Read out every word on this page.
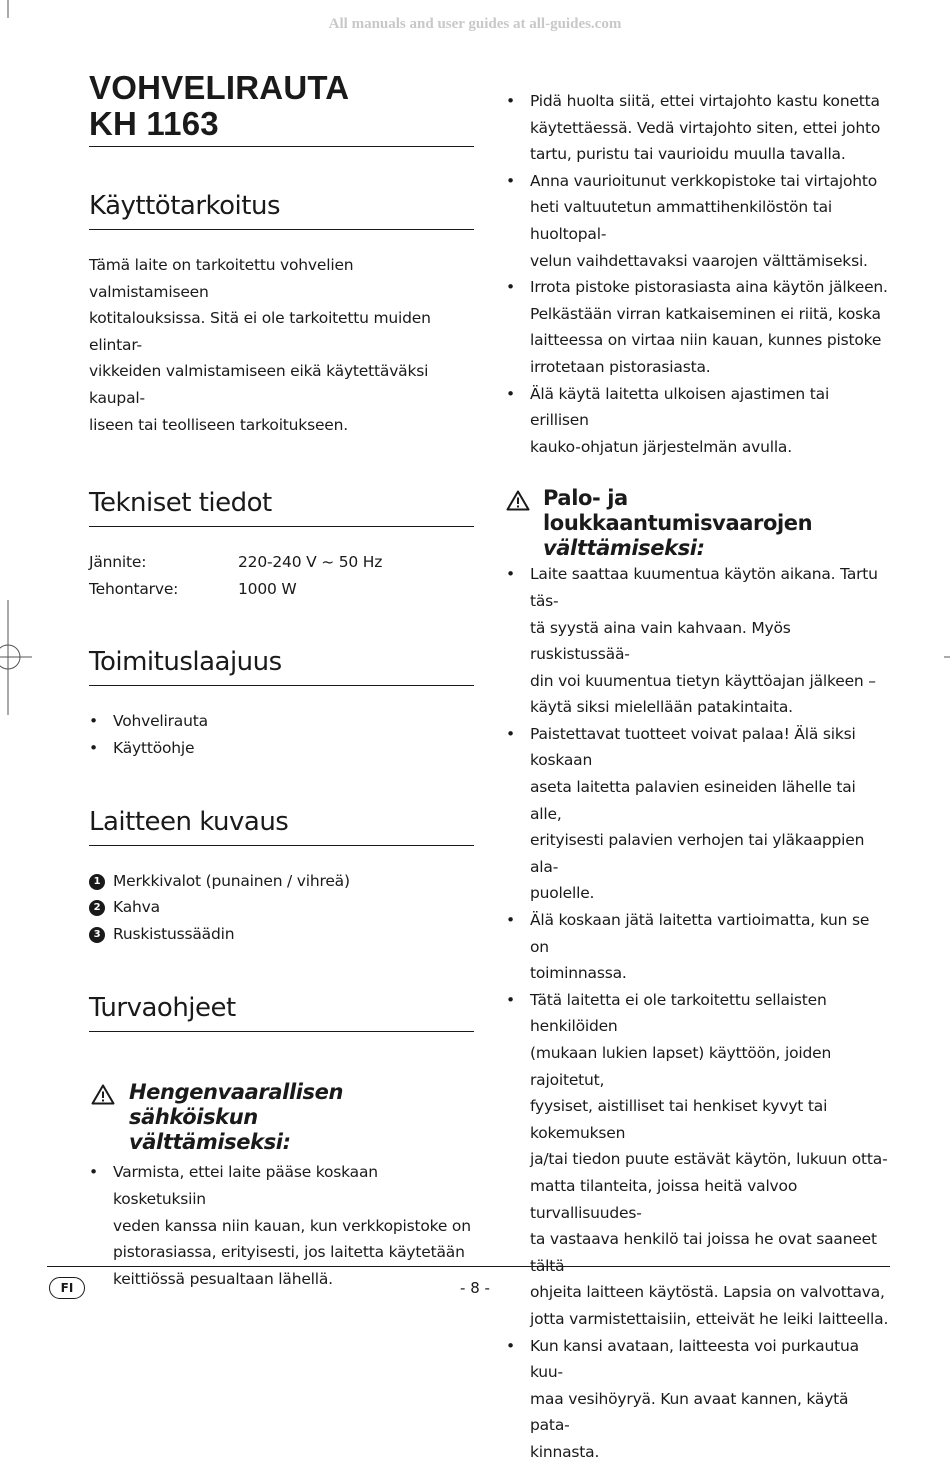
All manuals and user guides at all-guides.com
VOHVELIRAUTA
KH 1163
Käyttötarkoitus
Tämä laite on tarkoitettu vohvelien valmistamiseen
kotitalouksissa. Sitä ei ole tarkoitettu muiden elintar-
vikkeiden valmistamiseen eikä käytettäväksi kaupal-
liseen tai teolliseen tarkoitukseen.
Tekniset tiedot
Jännite:	220-240 V ~ 50 Hz
Tehontarve:	1000 W
Toimituslaajuus
• Vohvelirauta
• Käyttöohje
Laitteen kuvaus
1 Merkkivalot (punainen / vihreä)
2 Kahva
3 Ruskistussäädin
Turvaohjeet
Hengenvaarallisen sähköiskun
välttämiseksi:
• Varmista, ettei laite pääse koskaan kosketuksiin
veden kanssa niin kauan, kun verkkopistoke on
pistorasiassa, erityisesti, jos laitetta käytetään
keittiössä pesualtaan lähellä.
• Pidä huolta siitä, ettei virtajohto kastu konetta
käytettäessä. Vedä virtajohto siten, ettei johto
tartu, puristu tai vaurioidu muulla tavalla.
• Anna vaurioitunut verkkopistoke tai virtajohto
heti valtuutetun ammattihenkilöstön tai huoltopal-
velun vaihdettavaksi vaarojen välttämiseksi.
• Irrota pistoke pistorasiasta aina käytön jälkeen.
Pelkästään virran katkaiseminen ei riitä, koska
laitteessa on virtaa niin kauan, kunnes pistoke
irrotetaan pistorasiasta.
• Älä käytä laitetta ulkoisen ajastimen tai erillisen
kauko-ohjatun järjestelmän avulla.
Palo- ja loukkaantumisvaarojen
välttämiseksi:
• Laite saattaa kuumentua käytön aikana. Tartu täs-
tä syystä aina vain kahvaan. Myös ruskistussää-
din voi kuumentua tietyn käyttöajan jälkeen –
käytä siksi mielellään patakintaita.
• Paistettavat tuotteet voivat palaa! Älä siksi koskaan
aseta laitetta palavien esineiden lähelle tai alle,
erityisesti palavien verhojen tai yläkaappien ala-
puolelle.
• Älä koskaan jätä laitetta vartioimatta, kun se on
toiminnassa.
• Tätä laitetta ei ole tarkoitettu sellaisten henkilöiden
(mukaan lukien lapset) käyttöön, joiden rajoitetut,
fyysiset, aistilliset tai henkiset kyvyt tai kokemuksen
ja/tai tiedon puute estävät käytön, lukuun otta-
matta tilanteita, joissa heitä valvoo turvallisuudes-
ta vastaava henkilö tai joissa he ovat saaneet tältä
ohjeita laitteen käytöstä. Lapsia on valvottava,
jotta varmistettaisiin, etteivät he leiki laitteella.
• Kun kansi avataan, laitteesta voi purkautua kuu-
maa vesihöyryä. Kun avaat kannen, käytä pata-
kinnasta.
FI	- 8 -
